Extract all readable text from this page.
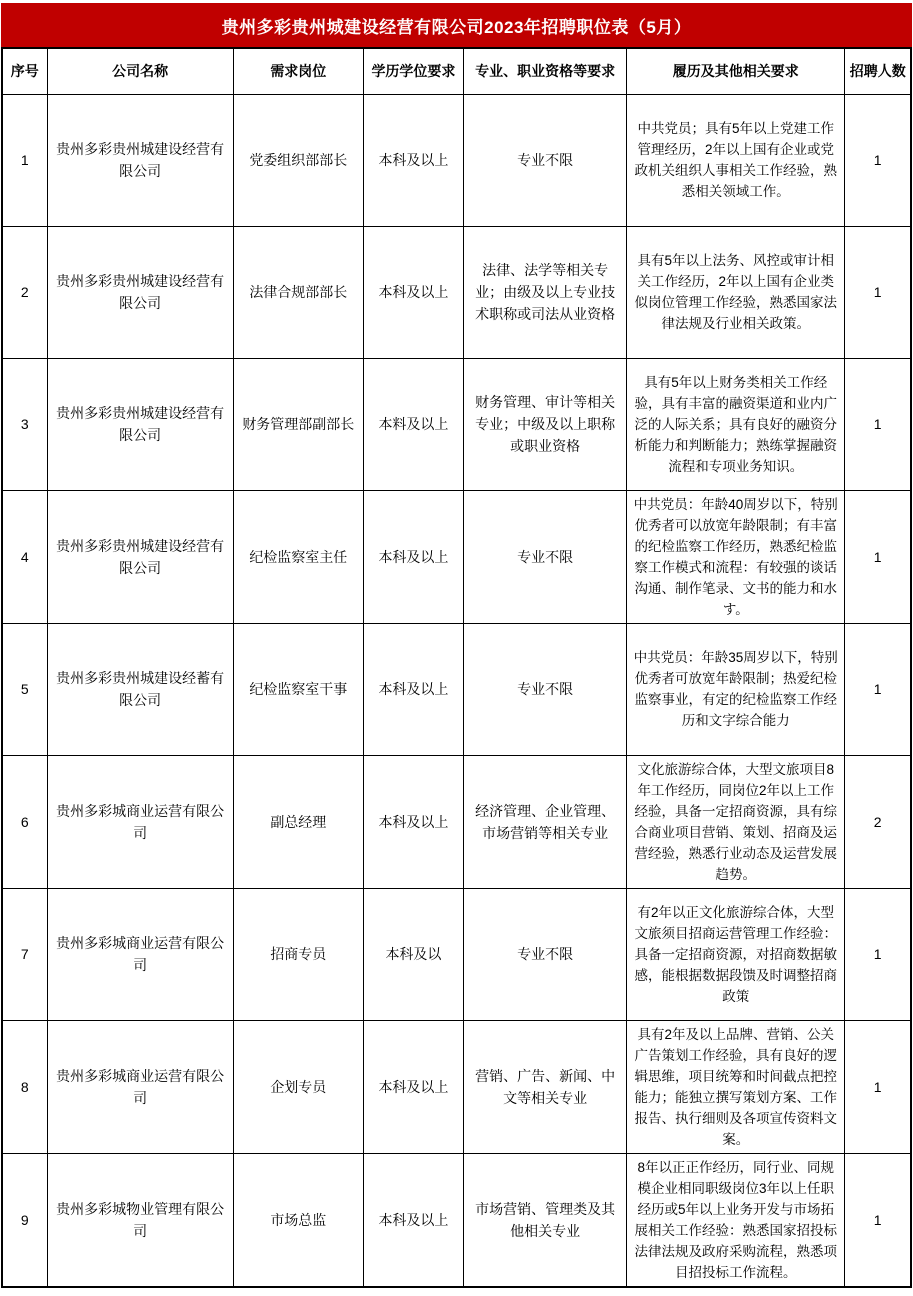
贵州多彩贵州城建设经营有限公司2023年招聘职位表（5月）
序号	公司名称	需求岗位	学历学位要求	专业、职业资格等要求	履历及其他相关要求	招聘人数
1	贵州多彩贵州城建设经营有限公司	党委组织部部长	本科及以上	专业不限	中共党员；具有5年以上党建工作管理经历，2年以上国有企业或党政机关组织人事相关工作经验，熟悉相关领域工作。	1
2	贵州多彩贵州城建设经营有限公司	法律合规部部长	本科及以上	法律、法学等相关专业；由级及以上专业技术职称或司法从业资格	具有5年以上法务、风控或审计相关工作经历，2年以上国有企业类似岗位管理工作经验，熟悉国家法律法规及行业相关政策。	1
3	贵州多彩贵州城建设经营有限公司	财务管理部副部长	本料及以上	财务管理、审计等相关专业；中级及以上职称或职业资格	具有5年以上财务类相关工作经验，具有丰富的融资渠道和业内广泛的人际关系；具有良好的融资分析能力和判断能力；熟练掌握融资流程和专项业务知识。	1
4	贵州多彩贵州城建设经营有限公司	纪检监察室主任	本科及以上	专业不限	中共党员：年龄40周岁以下，特别优秀者可以放宽年龄限制；有丰富的纪检监察工作经历，熟悉纪检监察工作模式和流程：有较强的谈话沟通、制作笔录、文书的能力和水す。	1
5	贵州多彩贵州城建设经蓄有限公司	纪检监察室干事	本科及以上	专业不限	中共党员：年龄35周岁以下，特别优秀者可放宽年龄限制；热爱纪检监察事业，有定的纪检监察工作经历和文字综合能力	1
6	贵州多彩城商业运营有限公司	副总经理	本科及以上	经济管理、企业管理、市场营销等相关专业	文化旅游综合体，大型文旅项目8年工作经历，同岗位2年以上工作经验，具备一定招商资源，具有综合商业项目营销、策划、招商及运营经验，熟悉行业动态及运营发展趋势。	2
7	贵州多彩城商业运营有限公司	招商专员	本科及以	专业不限	有2年以正文化旅游综合体，大型文旅须目招商运营管理工作经验：具备一定招商资源，对招商数据敏感，能根据数据段馈及时调整招商政策	1
8	贵州多彩城商业运营有限公司	企划专员	本科及以上	营销、广告、新闻、中文等相关专业	具有2年及以上品牌、营销、公关广告策划工作经验，具有良好的逻辑思维，项目统筹和时间截点把控能力；能独立撰写策划方案、工作报告、执行细则及各项宣传资料文案。	1
9	贵州多彩城物业管理有限公司	市场总监	本科及以上	市场营销、管理类及其他相关专业	8年以正正作经历，同行业、同规模企业相同职级岗位3年以上任职经历或5年以上业务开发与市场拓展相关工作经验：熟悉国家招投标法律法规及政府采购流程，熟悉项目招投标工作流程。	1
